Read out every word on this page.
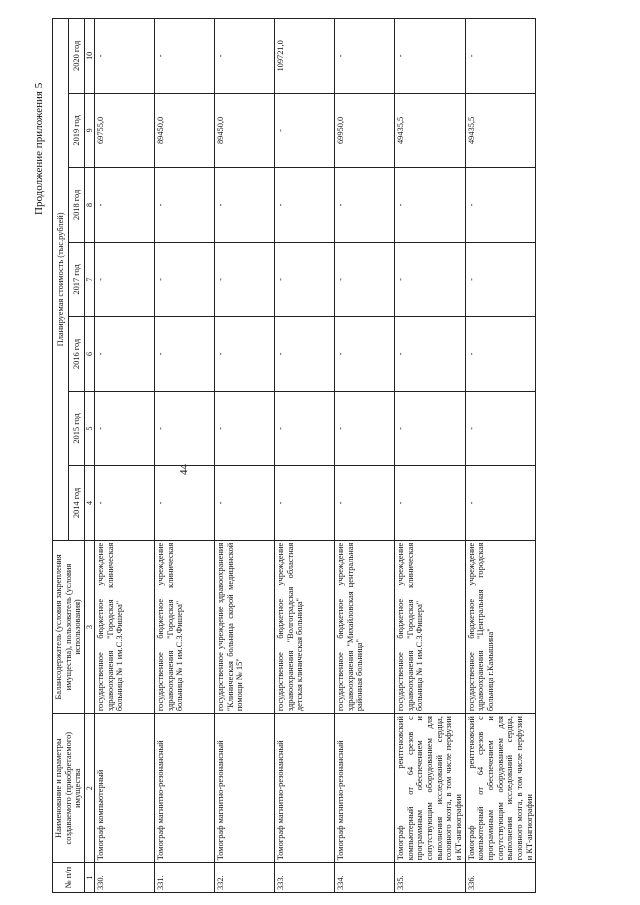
44
Продолжение приложения 5
№ п/п	Наименование и параметры создаваемого (приобретаемого) имущества	Балансодержатель (условия закрепления имущества), пользователь (условия использования)	Планируемая стоимость (тыс.рублей)						
			2014 год	2015 год	2016 год	2017 год	2018 год	2019 год	2020 год
1	2	3	4	5	6	7	8	9	10
330.	Томограф компьютерный	государственное бюджетное учреждение здравоохранения "Городская клиническая больница № 1 им.С.З.Фишера"	-	-	-	-	-	69755,0	-
331.	Томограф магнитно-резонансный	государственное бюджетное учреждение здравоохранения "Городская клиническая больница № 1 им.С.З.Фишера"	-	-	-	-	-	89450,0	-
332.	Томограф магнитно-резонансный	государственное учреждение здравоохранения "Клиническая больница скорой медицинской помощи № 15"	-	-	-	-	-	89450,0	-
333.	Томограф магнитно-резонансный	государственное бюджетное учреждение здравоохранения "Волгоградская областная детская клиническая больница"	-	-	-	-	-	-	109721,0
334.	Томограф магнитно-резонансный	государственное бюджетное учреждение здравоохранения "Михайловская центральная районная больница"	-	-	-	-	-	69950,0	-
335.	Томограф рентгеновский компьютерный от 64 срезов с программным обеспечением и сопутствующим оборудованием для выполнения исследований сердца, головного мозга, в том числе перфузии и КТ-ангиографии	государственное бюджетное учреждение здравоохранения "Городская клиническая больница № 1 им.С.З.Фишера"	-	-	-	-	-	49435,5	-
336.	Томограф рентгеновский компьютерный от 64 срезов с программным обеспечением и сопутствующим оборудованием для выполнения исследований сердца, головного мозга, в том числе перфузии и КТ-ангиографии	государственное бюджетное учреждение здравоохранения "Центральная городская больница г.Камышина"	-	-	-	-	-	49435,5	-
